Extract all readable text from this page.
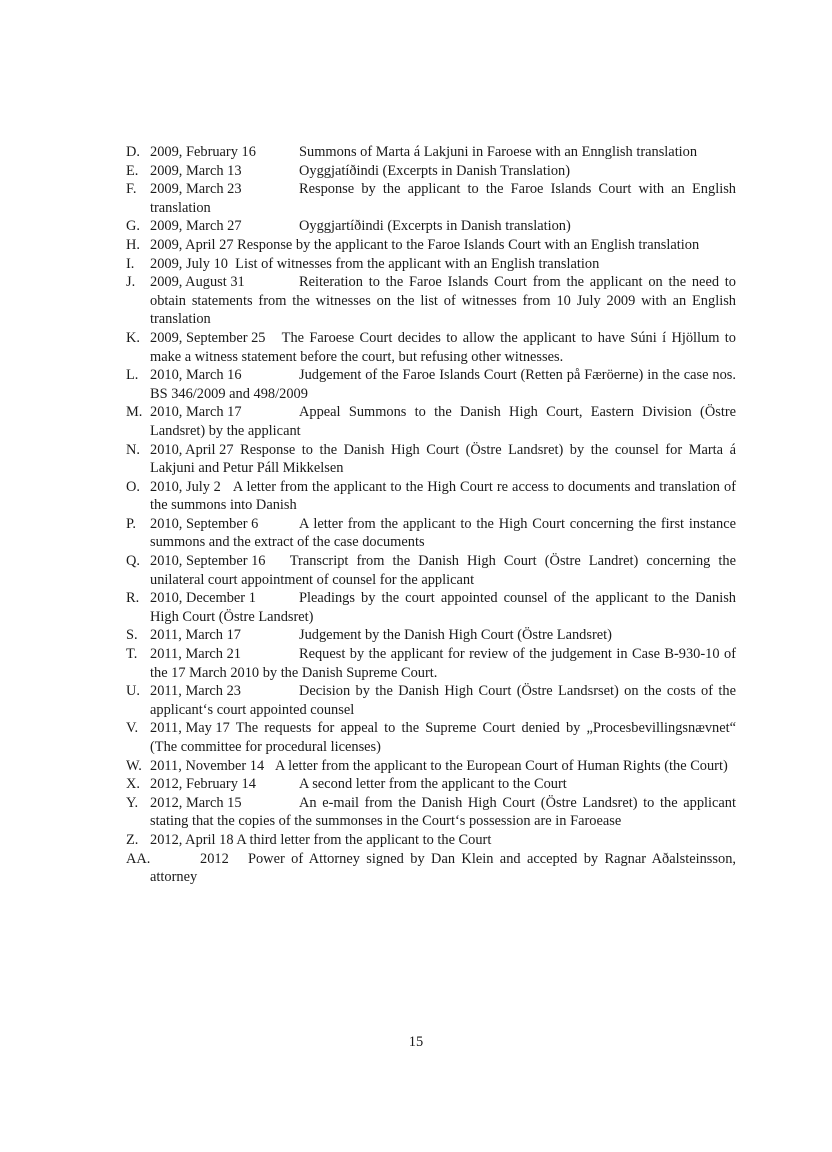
D. 2009, February 16	Summons of Marta á Lakjuni in Faroese with an Ennglish translation
E. 2009, March 13	Oyggjatíðindi (Excerpts in Danish Translation)
F. 2009, March 23	Response by the applicant to the Faroe Islands Court with an English translation
G. 2009, March 27	Oyggjartíðindi (Excerpts in Danish translation)
H. 2009, April 27 Response by the applicant to the Faroe Islands Court with an English translation
I. 2009, July 10 List of witnesses from the applicant with an English translation
J. 2009, August 31	Reiteration to the Faroe Islands Court from the applicant on the need to obtain statements from the witnesses on the list of witnesses from 10 July 2009 with an English translation
K. 2009, September 25 The Faroese Court decides to allow the applicant to have Súni í Hjöllum to make a witness statement before the court, but refusing other witnesses.
L. 2010, March 16	Judgement of the Faroe Islands Court (Retten på Færöerne) in the case nos. BS 346/2009 and 498/2009
M. 2010, March 17	Appeal Summons to the Danish High Court, Eastern Division (Östre Landsret) by the applicant
N. 2010, April 27 Response to the Danish High Court (Östre Landsret) by the counsel for Marta á Lakjuni and Petur Páll Mikkelsen
O. 2010, July 2 A letter from the applicant to the High Court re access to documents and translation of the summons into Danish
P. 2010, September 6	A letter from the applicant to the High Court concerning the first instance summons and the extract of the case documents
Q. 2010, September 16 Transcript from the Danish High Court (Östre Landret) concerning the unilateral court appointment of counsel for the applicant
R. 2010, December 1	Pleadings by the court appointed counsel of the applicant to the Danish High Court (Östre Landsret)
S. 2011, March 17	Judgement by the Danish High Court (Östre Landsret)
T. 2011, March 21	Request by the applicant for review of the judgement in Case B-930-10 of the 17 March 2010 by the Danish Supreme Court.
U. 2011, March 23	Decision by the Danish High Court (Östre Landsrset) on the costs of the applicant‘s court appointed counsel
V. 2011, May 17 The requests for appeal to the Supreme Court denied by „Procesbevillingsnævnet“ (The committee for procedural licenses)
W. 2011, November 14 A letter from the applicant to the European Court of Human Rights (the Court)
X. 2012, February 14	A second letter from the applicant to the Court
Y. 2012, March 15	An e-mail from the Danish High Court (Östre Landsret) to the applicant stating that the copies of the summonses in the Court‘s possession are in Faroease
Z. 2012, April 18 A third letter from the applicant to the Court
AA.	2012 Power of Attorney signed by Dan Klein and accepted by Ragnar Aðalsteinsson, attorney
15
